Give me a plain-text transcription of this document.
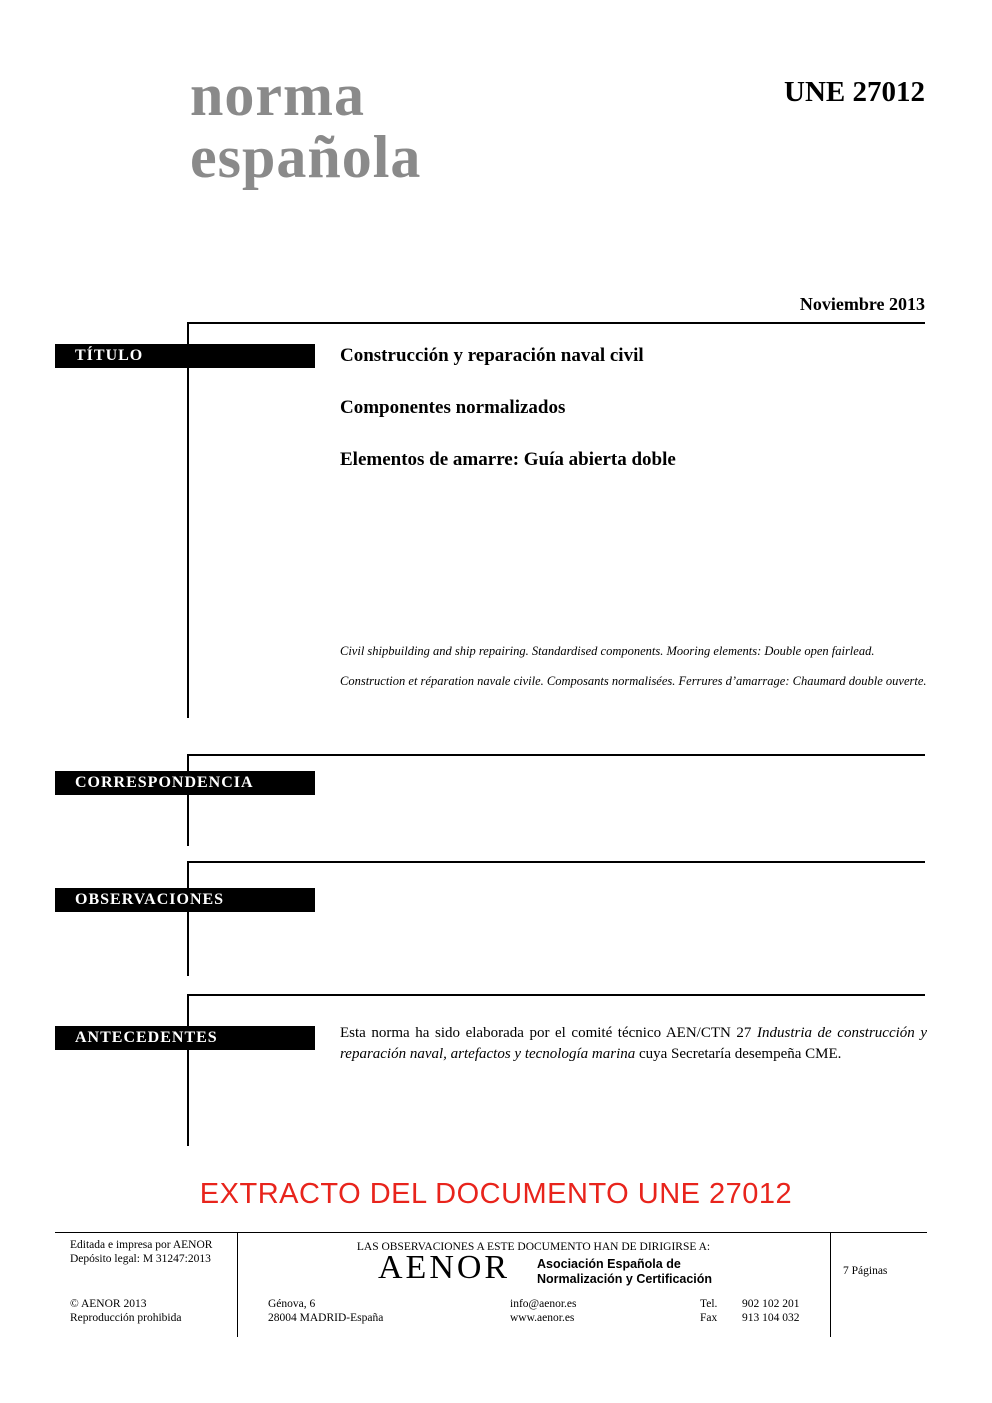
norma
española
UNE 27012
Noviembre 2013
TÍTULO
CORRESPONDENCIA
OBSERVACIONES
ANTECEDENTES
Construcción y reparación naval civil
Componentes normalizados
Elementos de amarre: Guía abierta doble
Civil shipbuilding and ship repairing. Standardised components. Mooring elements: Double open fairlead.
Construction et réparation navale civile. Composants normalisées. Ferrures d’amarrage: Chaumard double ouverte.

Esta norma ha sido elaborada por el comité técnico AEN/CTN 27 Industria de construcción y reparación naval, artefactos y tecnología marina cuya Secretaría desempeña CME.

EXTRACTO DEL DOCUMENTO UNE 27012
Editada e impresa por AENOR
Depósito legal: M 31247:2013
LAS OBSERVACIONES A ESTE DOCUMENTO HAN DE DIRIGIRSE A:
AENOR Asociación Española de
Normalización y Certificación
7 Páginas
© AENOR 2013
Reproducción prohibida
Génova, 6
28004 MADRID-España
info@aenor.es
www.aenor.es
Tel. 902 102 201
Fax 913 104 032
